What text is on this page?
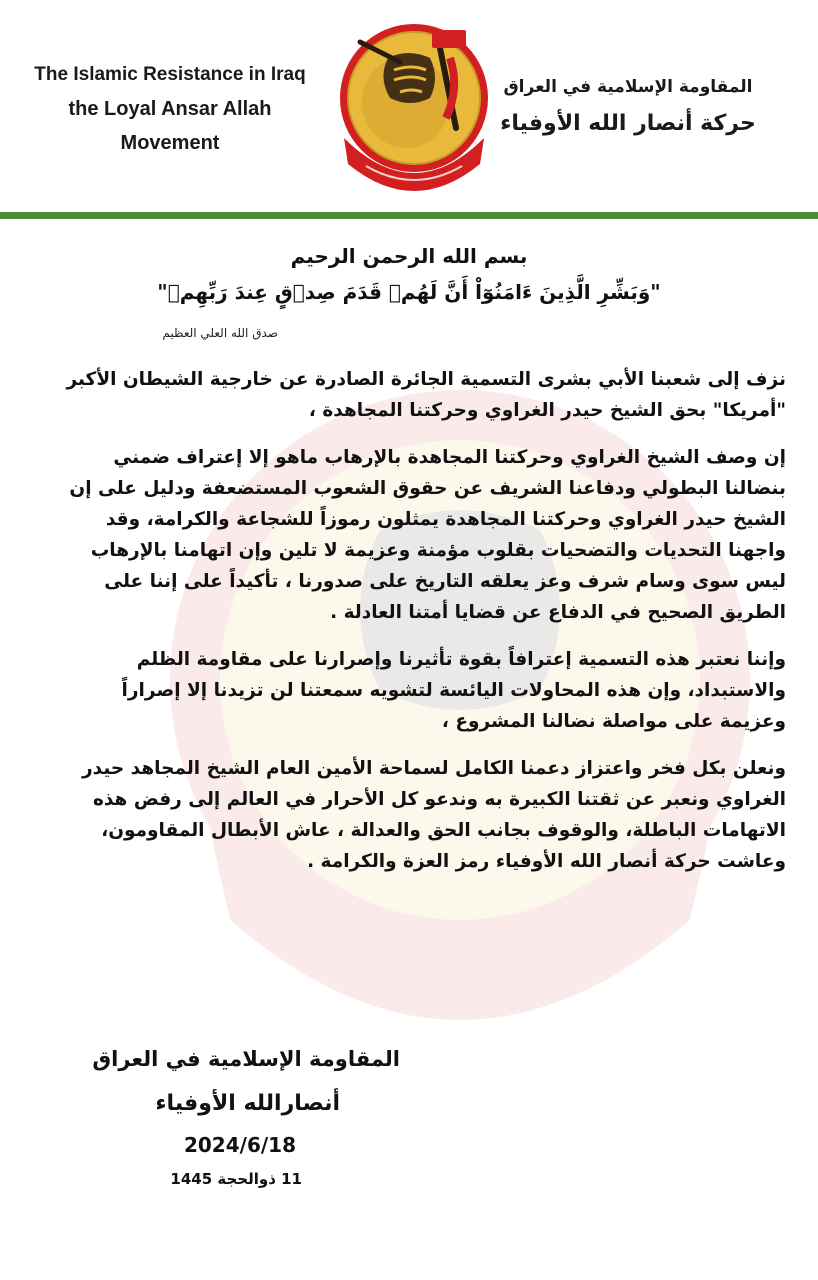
The Islamic Resistance in Iraq
the Loyal Ansar Allah
Movement
المقاومة الإسلامية في العراق
حركة أنصار الله الأوفياء
بسم الله الرحمن الرحيم
"وَبَشِّرِ الَّذِينَ ءَامَنُوٓاْ أَنَّ لَهُمۡ قَدَمَ صِدۡقٍ عِندَ رَبِّهِمۡ"
صدق الله العلي العظيم

نزف إلى شعبنا الأبي بشرى التسمية الجائرة الصادرة عن خارجية الشيطان الأكبر "أمريكا" بحق الشيخ حيدر الغراوي وحركتنا المجاهدة ،

إن وصف الشيخ الغراوي وحركتنا المجاهدة بالإرهاب ماهو إلا إعتراف ضمني بنضالنا البطولي ودفاعنا الشريف عن حقوق الشعوب المستضعفة ودليل على إن الشيخ حيدر الغراوي وحركتنا المجاهدة يمثلون رموزاً للشجاعة والكرامة، وقد واجهنا التحديات والتضحيات بقلوب مؤمنة وعزيمة لا تلين وإن اتهامنا بالإرهاب ليس سوى وسام شرف وعز يعلقه التاريخ على صدورنا ، تأكيداً على إننا على الطريق الصحيح في الدفاع عن قضايا أمتنا العادلة .

وإننا نعتبر هذه التسمية إعترافاً بقوة تأثيرنا وإصرارنا على مقاومة الظلم والاستبداد، وإن هذه المحاولات اليائسة لتشويه سمعتنا لن تزيدنا إلا إصراراً وعزيمة على مواصلة نضالنا المشروع ،

ونعلن بكل فخر واعتزاز دعمنا الكامل لسماحة الأمين العام الشيخ المجاهد حيدر الغراوي ونعبر عن ثقتنا الكبيرة به وندعو كل الأحرار في العالم إلى رفض هذه الاتهامات الباطلة، والوقوف بجانب الحق والعدالة ، عاش الأبطال المقاومون، وعاشت حركة أنصار الله الأوفياء رمز العزة والكرامة .

المقاومة الإسلامية في العراق
أنصارالله الأوفياء
2024/6/18
11 ذوالحجة 1445
